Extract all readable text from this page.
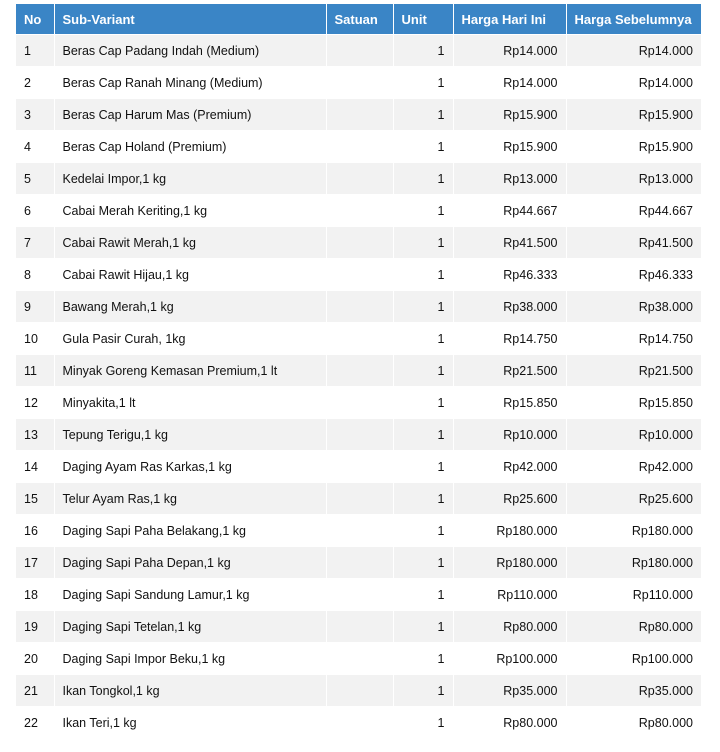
No	Sub-Variant	Satuan	Unit	Harga Hari Ini	Harga Sebelumnya
1	Beras Cap Padang Indah (Medium)		1	Rp14.000	Rp14.000
2	Beras Cap Ranah Minang (Medium)		1	Rp14.000	Rp14.000
3	Beras Cap Harum Mas (Premium)		1	Rp15.900	Rp15.900
4	Beras Cap Holand (Premium)		1	Rp15.900	Rp15.900
5	Kedelai Impor,1 kg		1	Rp13.000	Rp13.000
6	Cabai Merah Keriting,1 kg		1	Rp44.667	Rp44.667
7	Cabai Rawit Merah,1 kg		1	Rp41.500	Rp41.500
8	Cabai Rawit Hijau,1 kg		1	Rp46.333	Rp46.333
9	Bawang Merah,1 kg		1	Rp38.000	Rp38.000
10	Gula Pasir Curah, 1kg		1	Rp14.750	Rp14.750
11	Minyak Goreng Kemasan Premium,1 lt		1	Rp21.500	Rp21.500
12	Minyakita,1 lt		1	Rp15.850	Rp15.850
13	Tepung Terigu,1 kg		1	Rp10.000	Rp10.000
14	Daging Ayam Ras Karkas,1 kg		1	Rp42.000	Rp42.000
15	Telur Ayam Ras,1 kg		1	Rp25.600	Rp25.600
16	Daging Sapi Paha Belakang,1 kg		1	Rp180.000	Rp180.000
17	Daging Sapi Paha Depan,1 kg		1	Rp180.000	Rp180.000
18	Daging Sapi Sandung Lamur,1 kg		1	Rp110.000	Rp110.000
19	Daging Sapi Tetelan,1 kg		1	Rp80.000	Rp80.000
20	Daging Sapi Impor Beku,1 kg		1	Rp100.000	Rp100.000
21	Ikan Tongkol,1 kg		1	Rp35.000	Rp35.000
22	Ikan Teri,1 kg		1	Rp80.000	Rp80.000
